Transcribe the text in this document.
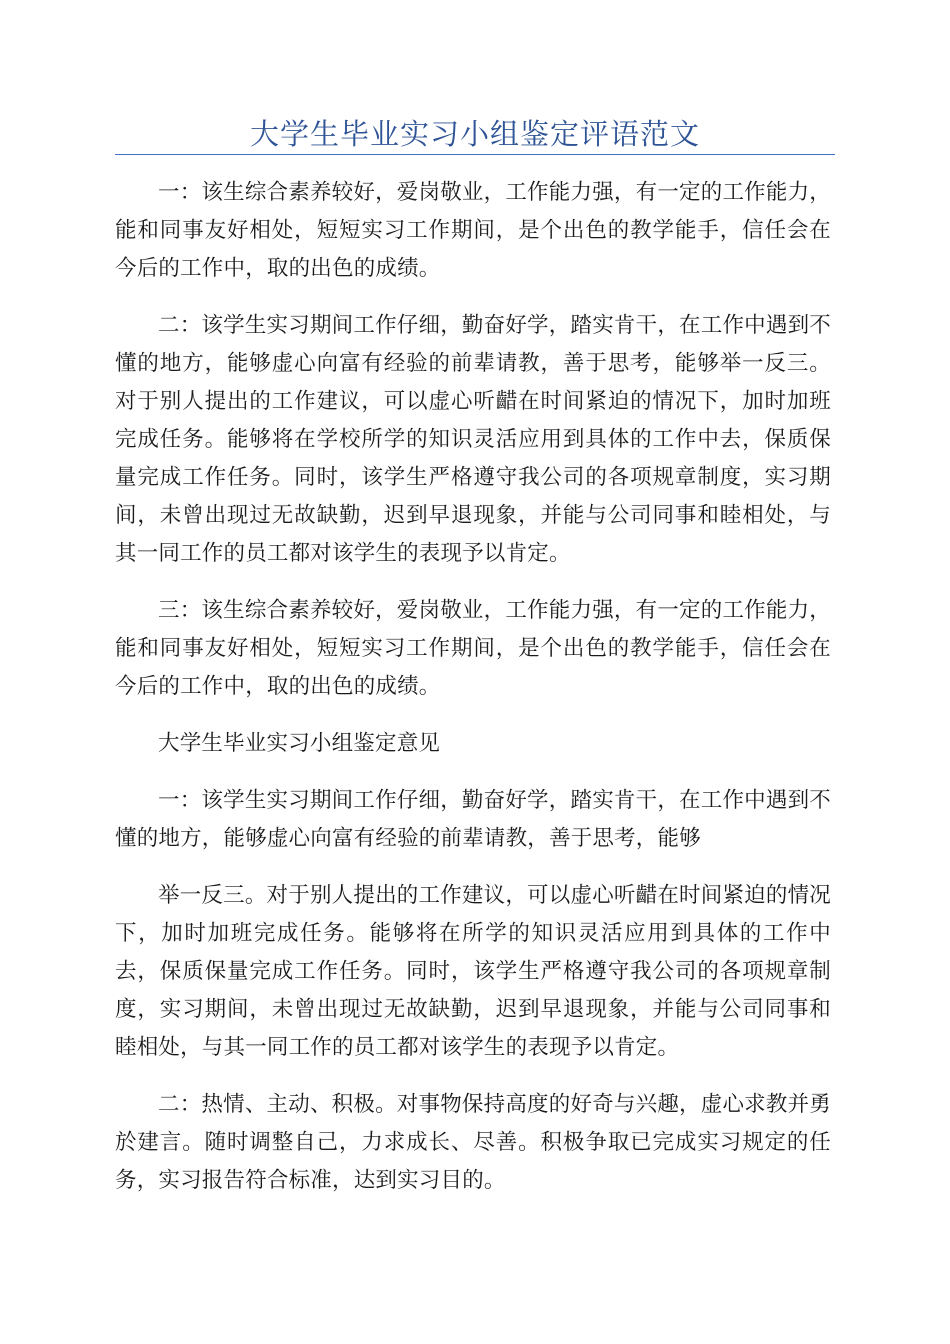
大学生毕业实习小组鉴定评语范文

一：该生综合素养较好，爱岗敬业，工作能力强，有一定的工作能力，能和同事友好相处，短短实习工作期间，是个出色的教学能手，信任会在今后的工作中，取的出色的成绩。

二：该学生实习期间工作仔细，勤奋好学，踏实肯干，在工作中遇到不懂的地方，能够虚心向富有经验的前辈请教，善于思考，能够举一反三。对于别人提出的工作建议，可以虚心听齰在时间紧迫的情况下，加时加班完成任务。能够将在学校所学的知识灵活应用到具体的工作中去，保质保量完成工作任务。同时，该学生严格遵守我公司的各项规章制度，实习期间，未曾出现过无故缺勤，迟到早退现象，并能与公司同事和睦相处，与其一同工作的员工都对该学生的表现予以肯定。

三：该生综合素养较好，爱岗敬业，工作能力强，有一定的工作能力，能和同事友好相处，短短实习工作期间，是个出色的教学能手，信任会在今后的工作中，取的出色的成绩。

大学生毕业实习小组鉴定意见

一：该学生实习期间工作仔细，勤奋好学，踏实肯干，在工作中遇到不懂的地方，能够虚心向富有经验的前辈请教，善于思考，能够

举一反三。对于别人提出的工作建议，可以虚心听齰在时间紧迫的情况下，加时加班完成任务。能够将在所学的知识灵活应用到具体的工作中去，保质保量完成工作任务。同时，该学生严格遵守我公司的各项规章制度，实习期间，未曾出现过无故缺勤，迟到早退现象，并能与公司同事和睦相处，与其一同工作的员工都对该学生的表现予以肯定。

二：热情、主动、积极。对事物保持高度的好奇与兴趣，虚心求教并勇於建言。随时调整自己，力求成长、尽善。积极争取已完成实习规定的任务，实习报告符合标准，达到实习目的。
